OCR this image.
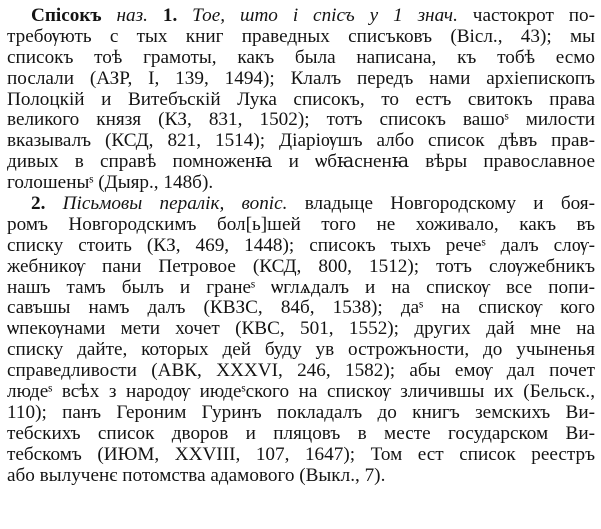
Спісокъ наз. 1. Тое, што і спісъ у 1 знач. частокрот по-
требѹють с тых книг праведных списъковъ (Вісл., 43); мы
списокъ тоѣ грамоты, какъ была написана, къ тобѣ есмо
послали (АЗР, I, 139, 1494); Клалъ передъ нами архіепископъ
Полоцкій и Витебъскій Лука списокъ, то естъ свитокъ права
великого князя (КЗ, 831, 1502); тотъ списокъ вашоˢ милости
вказывалъ (КСД, 821, 1514); Діаріѹшъ албо список дѣвъ прав-
дивых в справѣ помноженꙗ и ѡбꙗсненꙗ вѣры православное
голошеныˢ (Дыяр., 148б).
2. Пісьмовы пералік, вопіс. владыце Новгородскому и боя-
ромъ Новгородскимъ бол[ь]шей того не хоживало, какъ въ
списку стоить (КЗ, 469, 1448); списокъ тыхъ речеˢ далъ слѹ-
жебникѹ пани Петровое (КСД, 800, 1512); тотъ слѹжебникъ
нашъ тамъ былъ и гранеˢ ѡглѧдалъ и на спискѹ все попи-
савъшы намъ далъ (КВЗС, 84б, 1538); даˢ на спискѹ кого
ѡпекѹнами мети хочет (КВС, 501, 1552); других дай мне на
списку дайте, которых дей буду ув острожъности, до учыненья
справедливости (АВК, XXXVI, 246, 1582); абы емѹ дал почет
людеˢ всѣх з народѹ июдеˢского на спискѹ зличившы их (Бельск.,
110); панъ Героним Гуринъ покладалъ до книгъ земскихъ Ви-
тебскихъ список дворов и пляцовъ в месте государском Ви-
тебскомъ (ИЮМ, XXVIII, 107, 1647); Том ест список реестръ
або вылученє потомства адамового (Выкл., 7).
